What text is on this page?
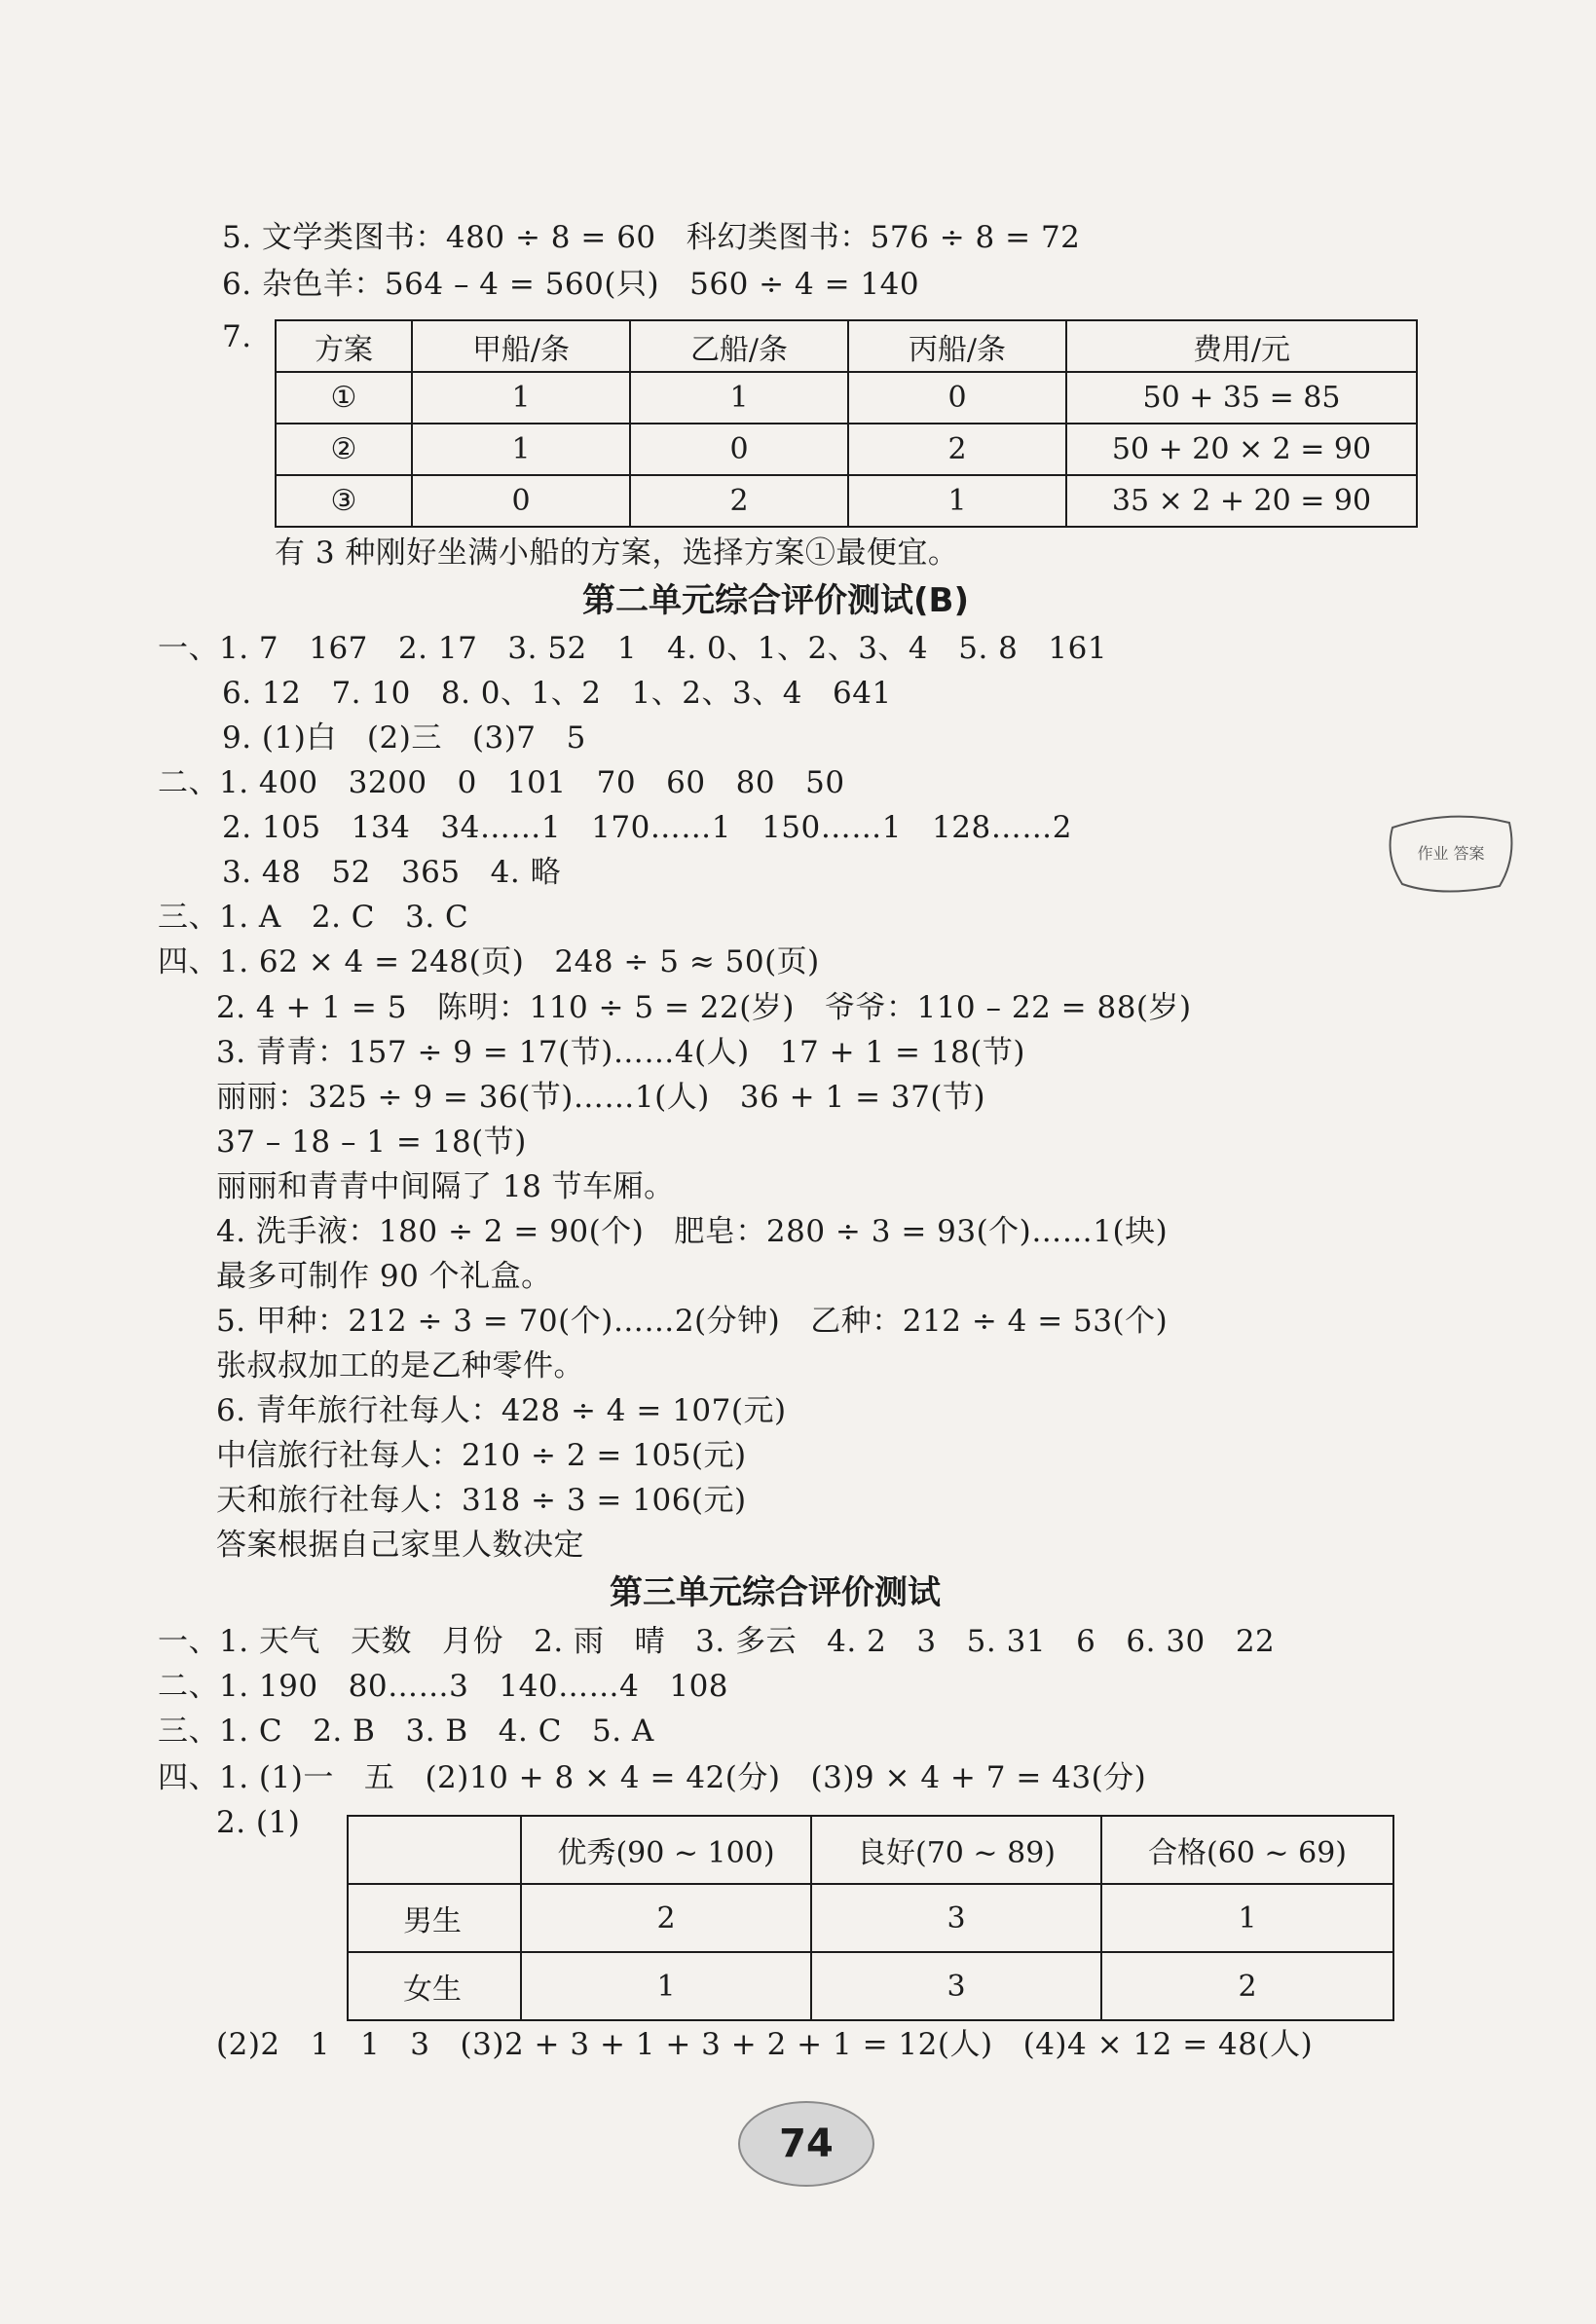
5. 文学类图书：480 ÷ 8 = 60   科幻类图书：576 ÷ 8 = 72
6. 杂色羊：564 – 4 = 560(只)   560 ÷ 4 = 140
7. 方案	甲船/条	乙船/条	丙船/条	费用/元
①	1	1	0	50 + 35 = 85
②	1	0	2	50 + 20 × 2 = 90
③	0	2	1	35 × 2 + 20 = 90
有 3 种刚好坐满小船的方案，选择方案①最便宜。
第二单元综合评价测试(B)
一、1. 7   167   2. 17   3. 52   1   4. 0、1、2、3、4   5. 8   161
6. 12   7. 10   8. 0、1、2   1、2、3、4   641
9. (1)白   (2)三   (3)7   5
二、1. 400   3200   0   101   70   60   80   50
2. 105   134   34……1   170……1   150……1   128……2
3. 48   52   365   4. 略
三、1. A   2. C   3. C
四、1. 62 × 4 = 248(页)   248 ÷ 5 ≈ 50(页)
2. 4 + 1 = 5   陈明：110 ÷ 5 = 22(岁)   爷爷：110 – 22 = 88(岁)
3. 青青：157 ÷ 9 = 17(节)……4(人)   17 + 1 = 18(节)
丽丽：325 ÷ 9 = 36(节)……1(人)   36 + 1 = 37(节)
37 – 18 – 1 = 18(节)
丽丽和青青中间隔了 18 节车厢。
4. 洗手液：180 ÷ 2 = 90(个)   肥皂：280 ÷ 3 = 93(个)……1(块)
最多可制作 90 个礼盒。
5. 甲种：212 ÷ 3 = 70(个)……2(分钟)   乙种：212 ÷ 4 = 53(个)
张叔叔加工的是乙种零件。
6. 青年旅行社每人：428 ÷ 4 = 107(元)
中信旅行社每人：210 ÷ 2 = 105(元)
天和旅行社每人：318 ÷ 3 = 106(元)
答案根据自己家里人数决定
第三单元综合评价测试
一、1. 天气   天数   月份   2. 雨   晴   3. 多云   4. 2   3   5. 31   6   6. 30   22
二、1. 190   80……3   140……4   108
三、1. C   2. B   3. B   4. C   5. A
四、1. (1)一   五   (2)10 + 8 × 4 = 42(分)   (3)9 × 4 + 7 = 43(分)
2. (1)
	优秀(90 ~ 100)	良好(70 ~ 89)	合格(60 ~ 69)
男生	2	3	1
女生	1	3	2
(2)2   1   1   3   (3)2 + 3 + 1 + 3 + 2 + 1 = 12(人)   (4)4 × 12 = 48(人)
作业 答案
74
